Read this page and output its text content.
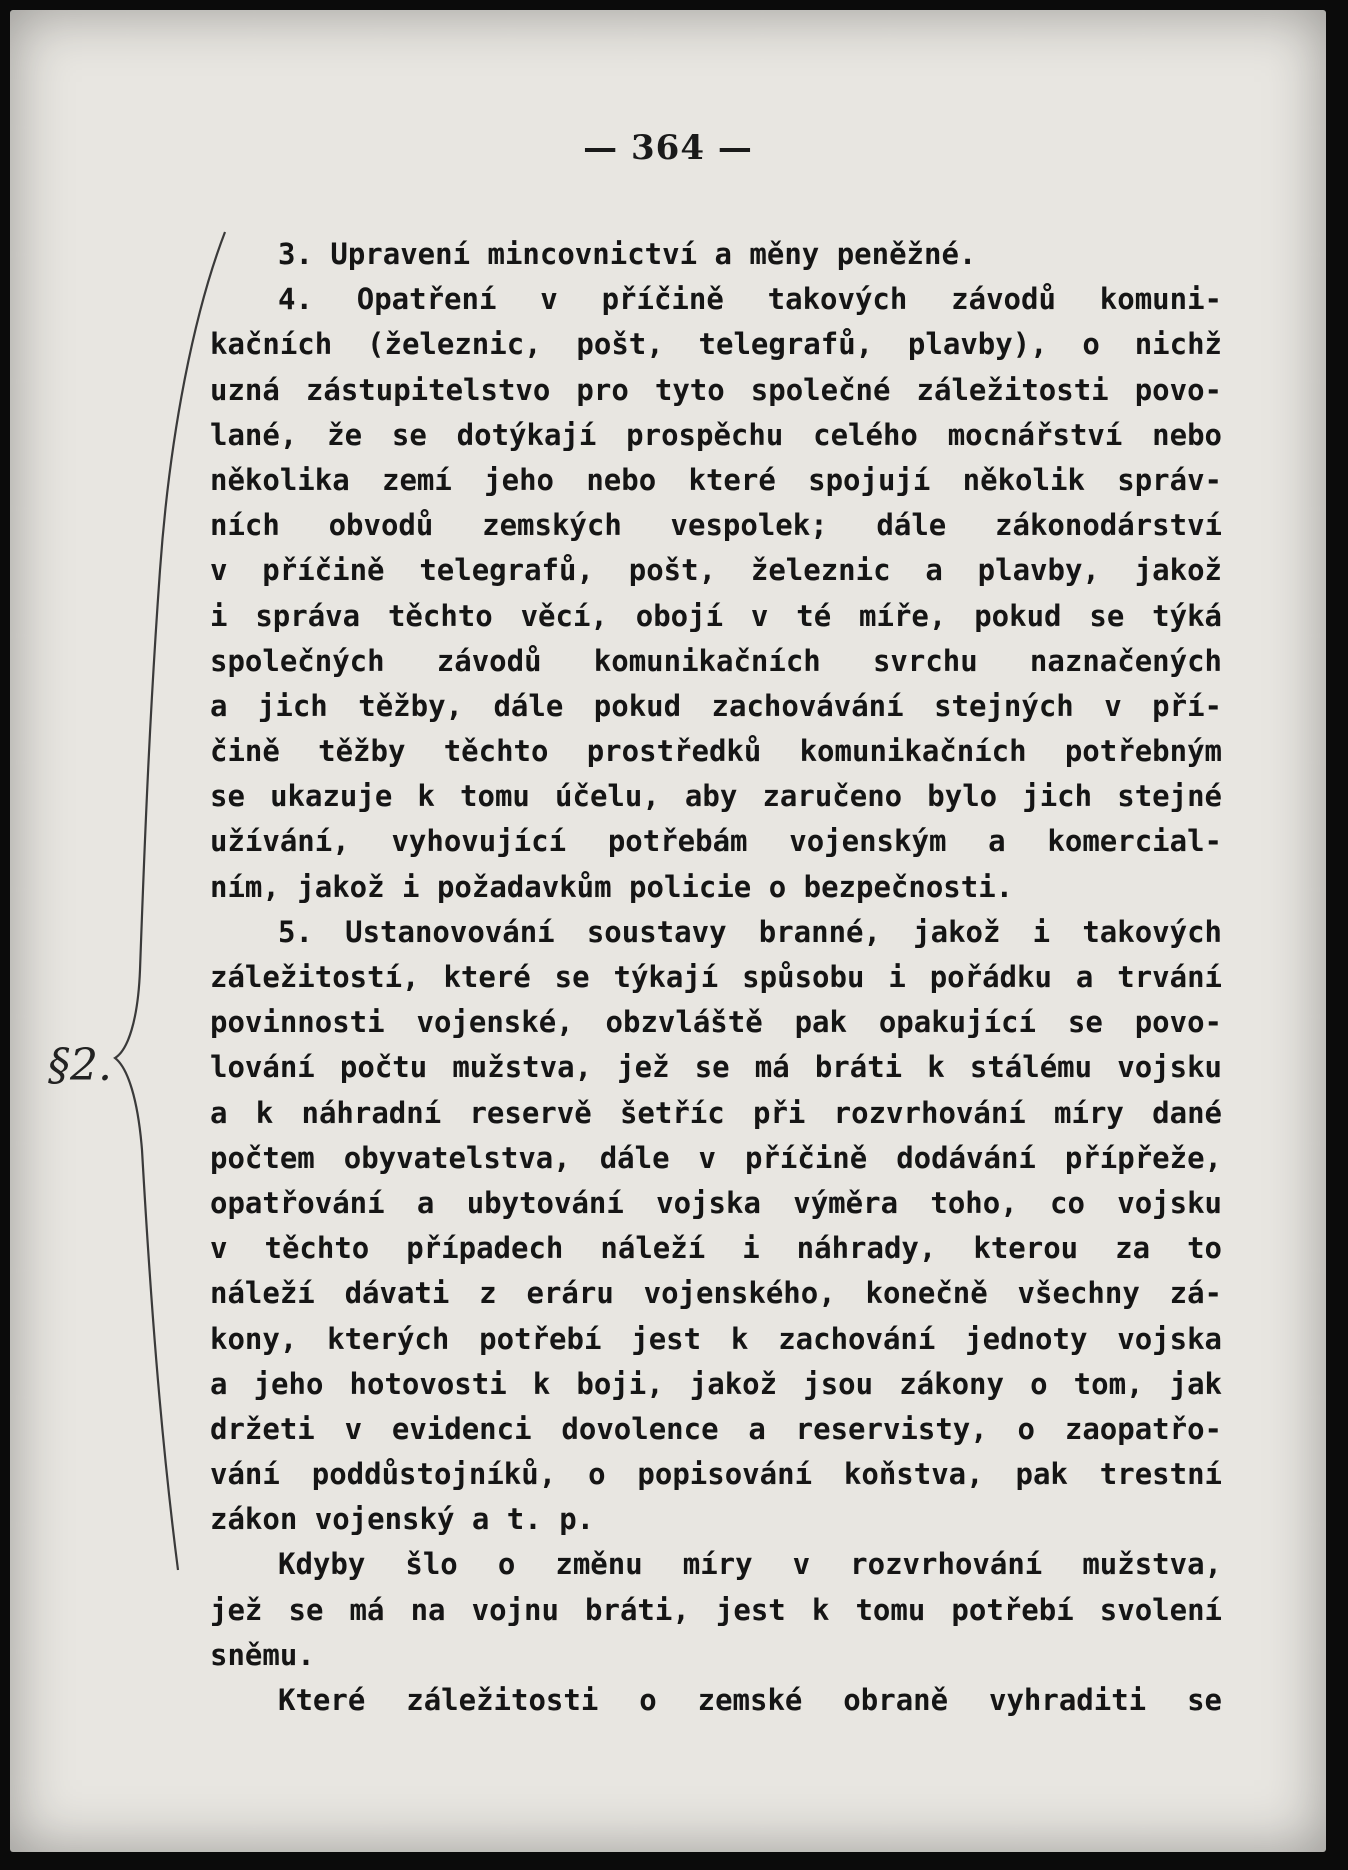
— 364 —
§2.
3. Upravení mincovnictví a měny peněžné.
4. Opatření v příčině takových závodů komuni-
kačních (železnic, pošt, telegrafů, plavby), o nichž
uzná zástupitelstvo pro tyto společné záležitosti povo-
lané, že se dotýkají prospěchu celého mocnářství nebo
několika zemí jeho nebo které spojují několik správ-
ních obvodů zemských vespolek; dále zákonodárství
v příčině telegrafů, pošt, železnic a plavby, jakož
i správa těchto věcí, obojí v té míře, pokud se týká
společných závodů komunikačních svrchu naznačených
a jich těžby, dále pokud zachovávání stejných v pří-
čině těžby těchto prostředků komunikačních potřebným
se ukazuje k tomu účelu, aby zaručeno bylo jich stejné
užívání, vyhovující potřebám vojenským a komercial-
ním, jakož i požadavkům policie o bezpečnosti.
5. Ustanovování soustavy branné, jakož i takových
záležitostí, které se týkají spůsobu i pořádku a trvání
povinnosti vojenské, obzvláště pak opakující se povo-
lování počtu mužstva, jež se má bráti k stálému vojsku
a k náhradní reservě šetříc při rozvrhování míry dané
počtem obyvatelstva, dále v příčině dodávání přípřeže,
opatřování a ubytování vojska výměra toho, co vojsku
v těchto případech náleží i náhrady, kterou za to
náleží dávati z eráru vojenského, konečně všechny zá-
kony, kterých potřebí jest k zachování jednoty vojska
a jeho hotovosti k boji, jakož jsou zákony o tom, jak
držeti v evidenci dovolence a reservisty, o zaopatřo-
vání poddůstojníků, o popisování koňstva, pak trestní
zákon vojenský a t. p.
Kdyby šlo o změnu míry v rozvrhování mužstva,
jež se má na vojnu bráti, jest k tomu potřebí svolení
sněmu.
Které záležitosti o zemské obraně vyhraditi se
